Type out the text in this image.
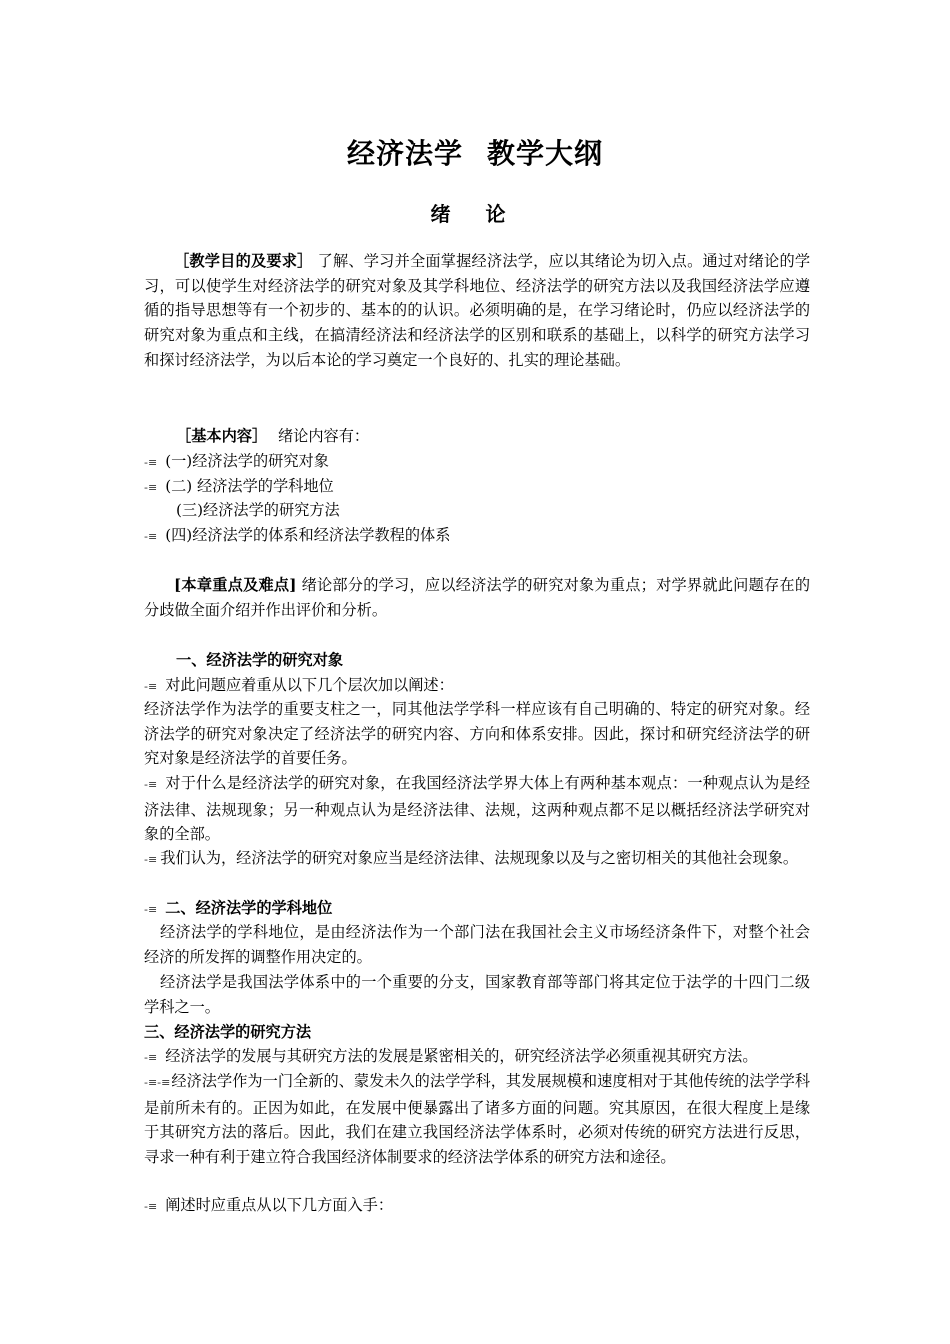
经济法学 教学大纲
绪 论
［教学目的及要求］ 了解、学习并全面掌握经济法学，应以其绪论为切入点。通过对绪论的学习，可以使学生对经济法学的研究对象及其学科地位、经济法学的研究方法以及我国经济法学应遵循的指导思想等有一个初步的、基本的的认识。必须明确的是，在学习绪论时，仍应以经济法学的研究对象为重点和主线，在搞清经济法和经济法学的区别和联系的基础上，以科学的研究方法学习和探讨经济法学，为以后本论的学习奠定一个良好的、扎实的理论基础。
［基本内容］ 绪论内容有：
-≡ (一)经济法学的研究对象
-≡ (二) 经济法学的学科地位
(三)经济法学的研究方法
-≡ (四)经济法学的体系和经济法学教程的体系
[本章重点及难点] 绪论部分的学习，应以经济法学的研究对象为重点；对学界就此问题存在的分歧做全面介绍并作出评价和分析。
一、经济法学的研究对象
-≡ 对此问题应着重从以下几个层次加以阐述：
经济法学作为法学的重要支柱之一，同其他法学学科一样应该有自己明确的、特定的研究对象。经济法学的研究对象决定了经济法学的研究内容、方向和体系安排。因此，探讨和研究经济法学的研究对象是经济法学的首要任务。
-≡ 对于什么是经济法学的研究对象，在我国经济法学界大体上有两种基本观点：一种观点认为是经济法律、法规现象；另一种观点认为是经济法律、法规，这两种观点都不足以概括经济法学研究对象的全部。
-≡ 我们认为，经济法学的研究对象应当是经济法律、法规现象以及与之密切相关的其他社会现象。
-≡ 二、经济法学的学科地位
经济法学的学科地位，是由经济法作为一个部门法在我国社会主义市场经济条件下，对整个社会经济的所发挥的调整作用决定的。
经济法学是我国法学体系中的一个重要的分支，国家教育部等部门将其定位于法学的十四门二级学科之一。
三、经济法学的研究方法
-≡ 经济法学的发展与其研究方法的发展是紧密相关的，研究经济法学必须重视其研究方法。
-≡-≡经济法学作为一门全新的、蒙发未久的法学学科，其发展规模和速度相对于其他传统的法学学科是前所未有的。正因为如此，在发展中便暴露出了诸多方面的问题。究其原因，在很大程度上是缘于其研究方法的落后。因此，我们在建立我国经济法学体系时，必须对传统的研究方法进行反思，寻求一种有利于建立符合我国经济体制要求的经济法学体系的研究方法和途径。
-≡ 阐述时应重点从以下几方面入手：
